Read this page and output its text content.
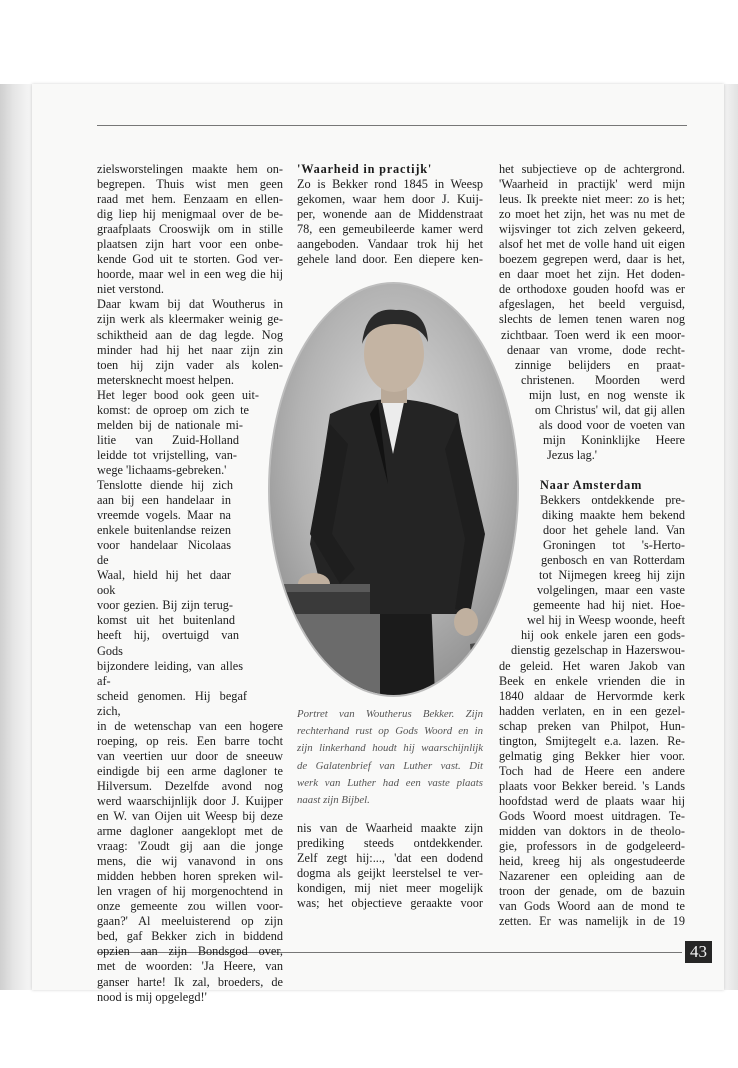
zielsworstelingen maakte hem on-
begrepen. Thuis wist men geen
raad met hem. Eenzaam en ellen-
dig liep hij menigmaal over de be-
graafplaats Crooswijk om in stille
plaatsen zijn hart voor een onbe-
kende God uit te storten. God ver-
hoorde, maar wel in een weg die hij
niet verstond.
Daar kwam bij dat Woutherus in
zijn werk als kleermaker weinig ge-
schiktheid aan de dag legde. Nog
minder had hij het naar zijn zin
toen hij zijn vader als kolen-
metersknecht moest helpen.
Het leger bood ook geen uit-
komst: de oproep om zich te
melden bij de nationale mi-
litie van Zuid-Holland
leidde tot vrijstelling, van-
wege 'lichaams-gebreken.'
Tenslotte diende hij zich
aan bij een handelaar in
vreemde vogels. Maar na
enkele buitenlandse reizen
voor handelaar Nicolaas de
Waal, hield hij het daar ook
voor gezien. Bij zijn terug-
komst uit het buitenland
heeft hij, overtuigd van Gods
bijzondere leiding, van alles af-
scheid genomen. Hij begaf zich,
in de wetenschap van een hogere
roeping, op reis. Een barre tocht
van veertien uur door de sneeuw
eindigde bij een arme dagloner te
Hilversum. Dezelfde avond nog
werd waarschijnlijk door J. Kuijper
en W. van Oijen uit Weesp bij deze
arme dagloner aangeklopt met de
vraag: 'Zoudt gij aan die jonge
mens, die wij vanavond in ons
midden hebben horen spreken wil-
len vragen of hij morgenochtend in
onze gemeente zou willen voor-
gaan?' Al meeluisterend op zijn
bed, gaf Bekker zich in biddend
opzien aan zijn Bondsgod over,
met de woorden: 'Ja Heere, van
ganser harte! Ik zal, broeders, de
nood is mij opgelegd!'
'Waarheid in practijk'
Zo is Bekker rond 1845 in Weesp
gekomen, waar hem door J. Kuij-
per, wonende aan de Middenstraat
78, een gemeubileerde kamer werd
aangeboden. Vandaar trok hij het
gehele land door. Een diepere ken-
Portret van Woutherus Bekker. Zijn
rechterhand rust op Gods Woord en in
zijn linkerhand houdt hij waarschijnlijk
de Galatenbrief van Luther vast. Dit
werk van Luther had een vaste plaats
naast zijn Bijbel.
nis van de Waarheid maakte zijn
prediking steeds ontdekkender.
Zelf zegt hij:..., 'dat een dodend
dogma als geijkt leerstelsel te ver-
kondigen, mij niet meer mogelijk
was; het objectieve geraakte voor
het subjectieve op de achtergrond.
'Waarheid in practijk' werd mijn
leus. Ik preekte niet meer: zo is het;
zo moet het zijn, het was nu met de
wijsvinger tot zich zelven gekeerd,
alsof het met de volle hand uit eigen
boezem gegrepen werd, daar is het,
en daar moet het zijn. Het doden-
de orthodoxe gouden hoofd was er
afgeslagen, het beeld verguisd,
slechts de lemen tenen waren nog
zichtbaar. Toen werd ik een moor-
denaar van vrome, dode recht-
zinnige belijders en praat-
christenen. Moorden werd
mijn lust, en nog wenste ik
om Christus' wil, dat gij allen
als dood voor de voeten van
mijn Koninklijke Heere
Jezus lag.'
Naar Amsterdam
Bekkers ontdekkende pre-
diking maakte hem bekend
door het gehele land. Van
Groningen tot 's-Herto-
genbosch en van Rotterdam
tot Nijmegen kreeg hij zijn
volgelingen, maar een vaste
gemeente had hij niet. Hoe-
wel hij in Weesp woonde, heeft
hij ook enkele jaren een gods-
dienstig gezelschap in Hazerswou-
de geleid. Het waren Jakob van
Beek en enkele vrienden die in
1840 aldaar de Hervormde kerk
hadden verlaten, en in een gezel-
schap preken van Philpot, Hun-
tington, Smijtegelt e.a. lazen. Re-
gelmatig ging Bekker hier voor.
Toch had de Heere een andere
plaats voor Bekker bereid. 's Lands
hoofdstad werd de plaats waar hij
Gods Woord moest uitdragen. Te-
midden van doktors in de theolo-
gie, professors in de godgeleerd-
heid, kreeg hij als ongestudeerde
Nazarener een opleiding aan de
troon der genade, om de bazuin
van Gods Woord aan de mond te
zetten. Er was namelijk in de 19
43
